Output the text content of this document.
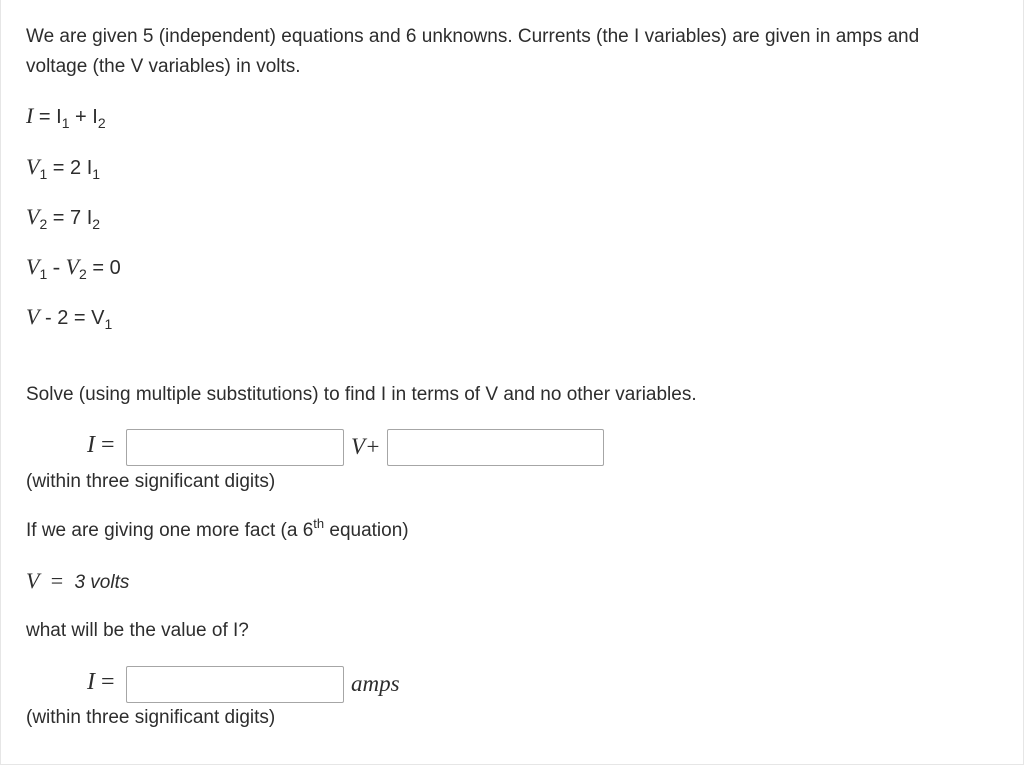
We are given 5 (independent) equations and 6 unknowns. Currents (the I variables) are given in amps and
voltage (the V variables) in volts.
$I = I_1 + I_2$
$V_1 = 2$ $I_1$
$V_2 = 7$ $I_2$
$V_1 - V_2 = 0$
$V - 2 = V_1$
Solve (using multiple substitutions) to find I in terms of V and no other variables.
I =	V+
(within three significant digits)
If we are giving one more fact (a 6th equation)
V = 3 volts
what will be the value of I?
I =	amps
(within three significant digits)
